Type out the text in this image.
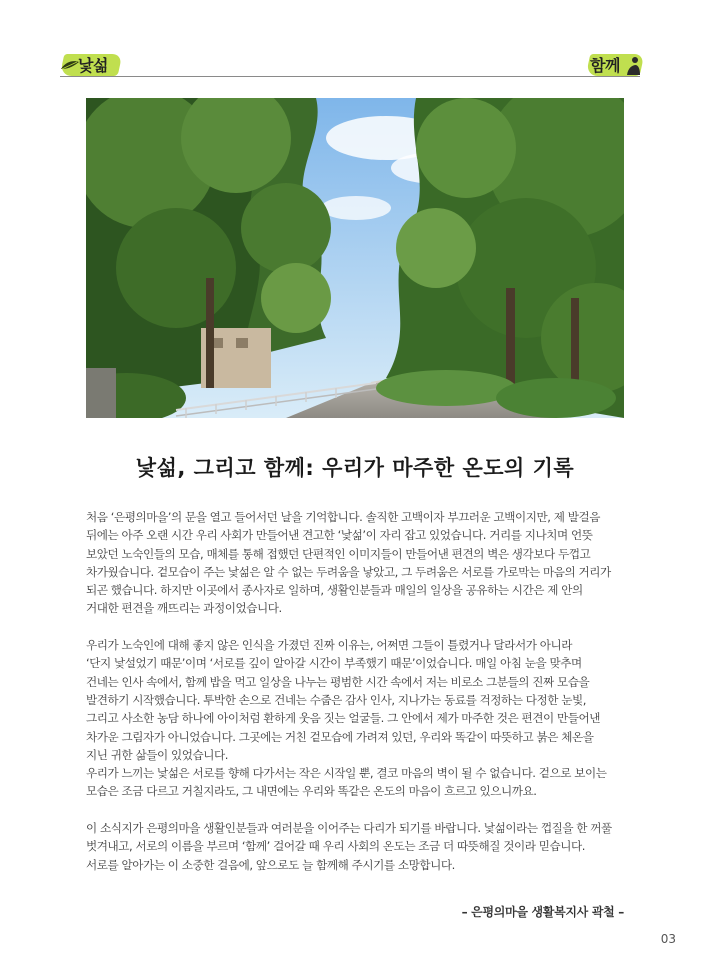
낯섦	함께
낯섦, 그리고 함께: 우리가 마주한 온도의 기록
처음 ‘은평의마을’의 문을 열고 들어서던 날을 기억합니다. 솔직한 고백이자 부끄러운 고백이지만, 제 발걸음
뒤에는 아주 오랜 시간 우리 사회가 만들어낸 견고한 ‘낯섦’이 자리 잡고 있었습니다. 거리를 지나치며 언뜻
보았던 노숙인들의 모습, 매체를 통해 접했던 단편적인 이미지들이 만들어낸 편견의 벽은 생각보다 두껍고
차가웠습니다. 겉모습이 주는 낯섦은 알 수 없는 두려움을 낳았고, 그 두려움은 서로를 가로막는 마음의 거리가
되곤 했습니다. 하지만 이곳에서 종사자로 일하며, 생활인분들과 매일의 일상을 공유하는 시간은 제 안의
거대한 편견을 깨뜨리는 과정이었습니다.
우리가 노숙인에 대해 좋지 않은 인식을 가졌던 진짜 이유는, 어쩌면 그들이 틀렸거나 달라서가 아니라
‘단지 낯설었기 때문’이며 ‘서로를 깊이 알아갈 시간이 부족했기 때문’이었습니다. 매일 아침 눈을 맞추며
건네는 인사 속에서, 함께 밥을 먹고 일상을 나누는 평범한 시간 속에서 저는 비로소 그분들의 진짜 모습을
발견하기 시작했습니다. 투박한 손으로 건네는 수줍은 감사 인사, 지나가는 동료를 걱정하는 다정한 눈빛,
그리고 사소한 농담 하나에 아이처럼 환하게 웃음 짓는 얼굴들. 그 안에서 제가 마주한 것은 편견이 만들어낸
차가운 그림자가 아니었습니다. 그곳에는 거친 겉모습에 가려져 있던, 우리와 똑같이 따뜻하고 붉은 체온을
지닌 귀한 삶들이 있었습니다.
우리가 느끼는 낯섦은 서로를 향해 다가서는 작은 시작일 뿐, 결코 마음의 벽이 될 수 없습니다. 겉으로 보이는
모습은 조금 다르고 거칠지라도, 그 내면에는 우리와 똑같은 온도의 마음이 흐르고 있으니까요.
이 소식지가 은평의마을 생활인분들과 여러분을 이어주는 다리가 되기를 바랍니다. 낯섦이라는 껍질을 한 꺼풀
벗겨내고, 서로의 이름을 부르며 ‘함께’ 걸어갈 때 우리 사회의 온도는 조금 더 따뜻해질 것이라 믿습니다.
서로를 알아가는 이 소중한 걸음에, 앞으로도 늘 함께해 주시기를 소망합니다.
– 은평의마을 생활복지사 곽철 –
03
